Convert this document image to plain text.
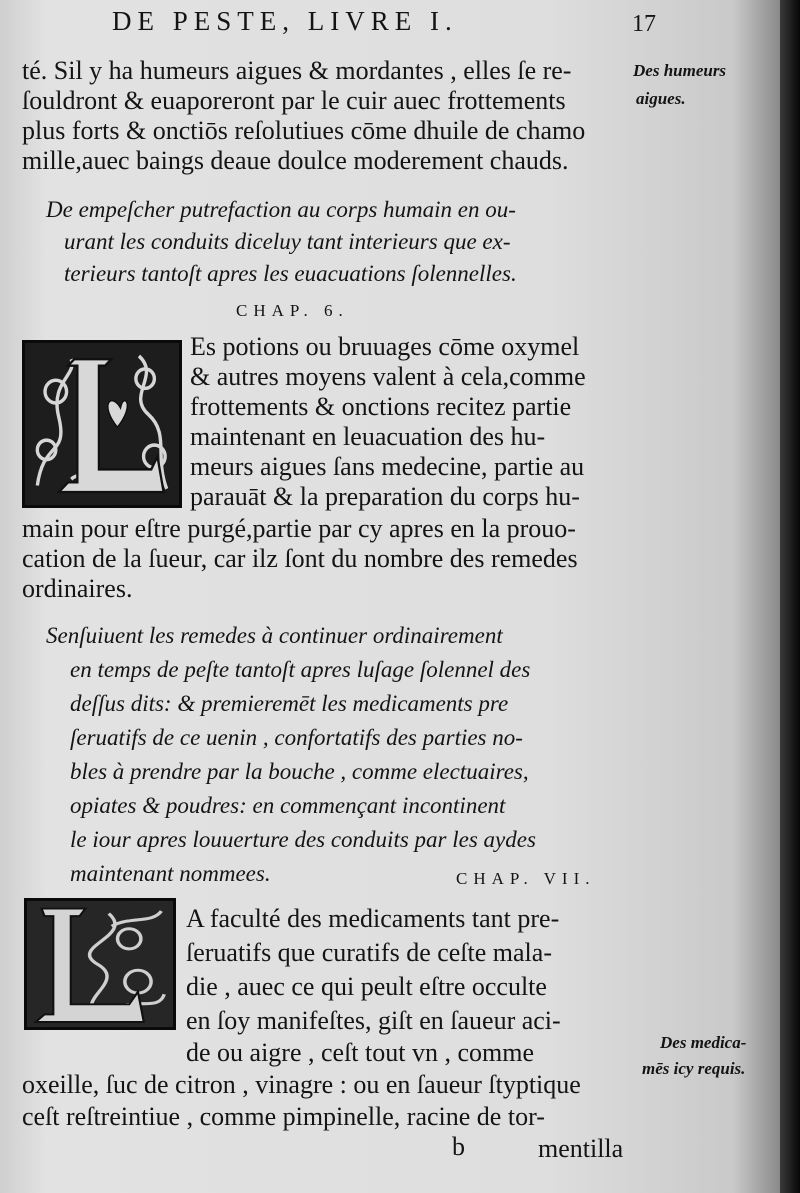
DE PESTE, LIVRE I.	17
té. Sil y ha humeurs aigues & mordantes , elles ſe re-
ſouldront & euaporeront par le cuir auec frottements
plus forts & onctiōs reſolutiues cōme dhuile de chamo
mille,auec baings deaue doulce moderement chauds.
Des humeurs
aigues.
De empeſcher putrefaction au corps humain en ou-
urant les conduits diceluy tant interieurs que ex-
terieurs tantoſt apres les euacuations ſolennelles.
CHAP. 6.
Es potions ou bruuages cōme oxymel
& autres moyens valent à cela,comme
frottements & onctions recitez partie
maintenant en leuacuation des hu-
meurs aigues ſans medecine, partie au
parauāt & la preparation du corps hu-
main pour eſtre purgé,partie par cy apres en la prouo-
cation de la ſueur, car ilz ſont du nombre des remedes
ordinaires.
Senſuiuent les remedes à continuer ordinairement
en temps de peſte tantoſt apres luſage ſolennel des
deſſus dits: & premieremēt les medicaments pre
ſeruatifs de ce uenin , confortatifs des parties no-
bles à prendre par la bouche , comme electuaires,
opiates & poudres: en commençant incontinent
le iour apres louuerture des conduits par les aydes
maintenant nommees.	CHAP. VII.
A faculté des medicaments tant pre-
ſeruatifs que curatifs de ceſte mala-
die , auec ce qui peult eſtre occulte
en ſoy manifeſtes, giſt en ſaueur aci-
de ou aigre , ceſt tout vn , comme
oxeille, ſuc de citron , vinagre : ou en ſaueur ſtyptique
ceſt reſtreintiue , comme pimpinelle, racine de tor-
Des medica-
mēs icy requis.
b	mentilla
